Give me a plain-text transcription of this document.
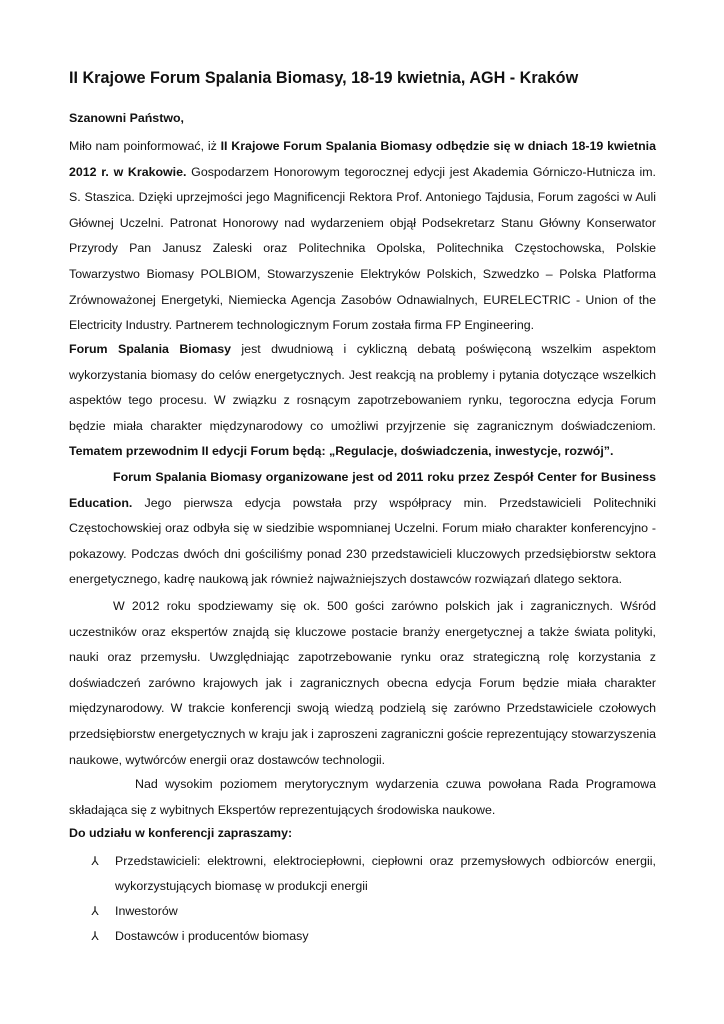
II Krajowe Forum Spalania Biomasy, 18-19 kwietnia, AGH - Kraków
Szanowni Państwo,

Miło nam poinformować, iż II Krajowe Forum Spalania Biomasy odbędzie się w dniach 18-19 kwietnia 2012 r. w Krakowie. Gospodarzem Honorowym tegorocznej edycji jest Akademia Górniczo-Hutnicza im. S. Staszica. Dzięki uprzejmości jego Magnificencji Rektora Prof. Antoniego Tajdusia, Forum zagości w Auli Głównej Uczelni. Patronat Honorowy nad wydarzeniem objął Podsekretarz Stanu Główny Konserwator Przyrody Pan Janusz Zaleski oraz Politechnika Opolska, Politechnika Częstochowska, Polskie Towarzystwo Biomasy POLBIOM, Stowarzyszenie Elektryków Polskich, Szwedzko – Polska Platforma Zrównoważonej Energetyki, Niemiecka Agencja Zasobów Odnawialnych, EURELECTRIC - Union of the Electricity Industry. Partnerem technologicznym Forum została firma FP Engineering.

Forum Spalania Biomasy jest dwudniową i cykliczną debatą poświęconą wszelkim aspektom wykorzystania biomasy do celów energetycznych. Jest reakcją na problemy i pytania dotyczące wszelkich aspektów tego procesu. W związku z rosnącym zapotrzebowaniem rynku, tegoroczna edycja Forum będzie miała charakter międzynarodowy co umożliwi przyjrzenie się zagranicznym doświadczeniom. Tematem przewodnim II edycji Forum będą: „Regulacje, doświadczenia, inwestycje, rozwój”.

Forum Spalania Biomasy organizowane jest od 2011 roku przez Zespół Center for Business Education. Jego pierwsza edycja powstała przy współpracy min. Przedstawicieli Politechniki Częstochowskiej oraz odbyła się w siedzibie wspomnianej Uczelni. Forum miało charakter konferencyjno - pokazowy. Podczas dwóch dni gościliśmy ponad 230 przedstawicieli kluczowych przedsiębiorstw sektora energetycznego, kadrę naukową jak również najważniejszych dostawców rozwiązań dlatego sektora.

W 2012 roku spodziewamy się ok. 500 gości zarówno polskich jak i zagranicznych. Wśród uczestników oraz ekspertów znajdą się kluczowe postacie branży energetycznej a także świata polityki, nauki oraz przemysłu. Uwzględniając zapotrzebowanie rynku oraz strategiczną rolę korzystania z doświadczeń zarówno krajowych jak i zagranicznych obecna edycja Forum będzie miała charakter międzynarodowy. W trakcie konferencji swoją wiedzą podzielą się zarówno Przedstawiciele czołowych przedsiębiorstw energetycznych w kraju jak i zaproszeni zagraniczni goście reprezentujący stowarzyszenia naukowe, wytwórców energii oraz dostawców technologii.

Nad wysokim poziomem merytorycznym wydarzenia czuwa powołana Rada Programowa składająca się z wybitnych Ekspertów reprezentujących środowiska naukowe.

Do udziału w konferencji zapraszamy:
⅄	Przedstawicieli: elektrowni, elektrociepłowni, ciepłowni oraz przemysłowych odbiorców energii, wykorzystujących biomasę w produkcji energii
⅄	Inwestorów
⅄	Dostawców i producentów biomasy
